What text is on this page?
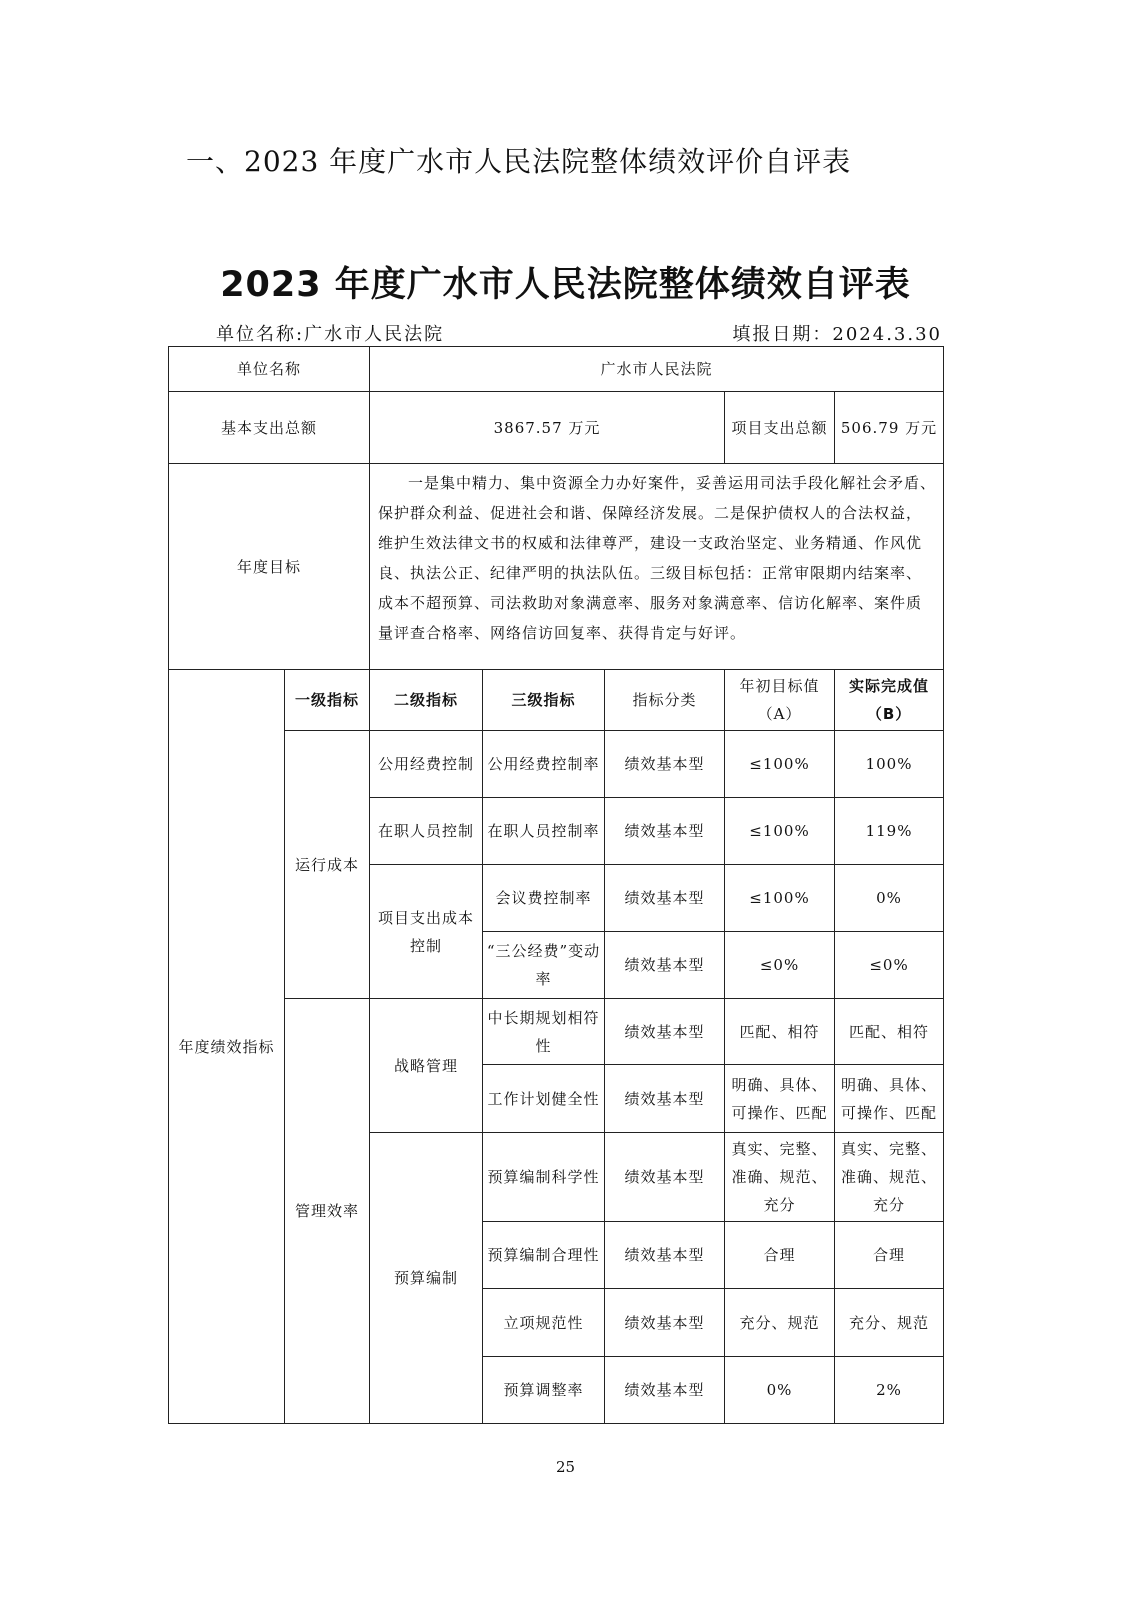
一、2023 年度广水市人民法院整体绩效评价自评表
2023 年度广水市人民法院整体绩效自评表
单位名称:广水市人民法院	填报日期：2024.3.30
单位名称		广水市人民法院				
基本支出总额		3867.57 万元			项目支出总额	506.79 万元
年度目标		一是集中精力、集中资源全力办好案件，妥善运用司法手段化解社会矛盾、保护群众利益、促进社会和谐、保障经济发展。二是保护债权人的合法权益，维护生效法律文书的权威和法律尊严，建设一支政治坚定、业务精通、作风优良、执法公正、纪律严明的执法队伍。三级目标包括：正常审限期内结案率、成本不超预算、司法救助对象满意率、服务对象满意率、信访化解率、案件质量评查合格率、网络信访回复率、获得肯定与好评。				
年度绩效指标	一级指标	二级指标	三级指标	指标分类	年初目标值（A）	实际完成值（B）
	运行成本	公用经费控制	公用经费控制率	绩效基本型	≤100%	100%
		在职人员控制	在职人员控制率	绩效基本型	≤100%	119%
		项目支出成本控制	会议费控制率	绩效基本型	≤100%	0%
			“三公经费”变动率	绩效基本型	≤0%	≤0%
	管理效率	战略管理	中长期规划相符性	绩效基本型	匹配、相符	匹配、相符
			工作计划健全性	绩效基本型	明确、具体、可操作、匹配	明确、具体、可操作、匹配
		预算编制	预算编制科学性	绩效基本型	真实、完整、准确、规范、充分	真实、完整、准确、规范、充分
			预算编制合理性	绩效基本型	合理	合理
			立项规范性	绩效基本型	充分、规范	充分、规范
			预算调整率	绩效基本型	0%	2%
25
